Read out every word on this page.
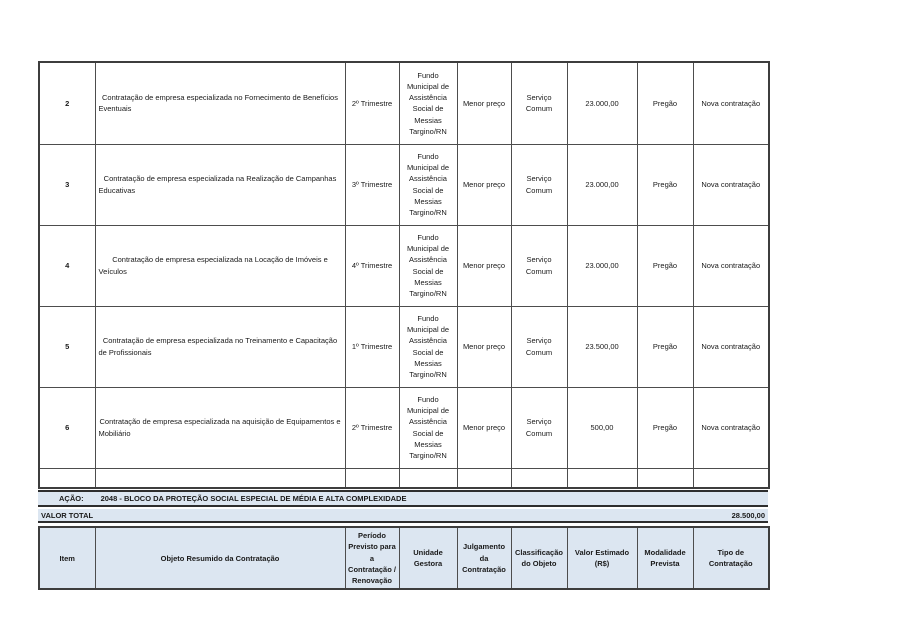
2	Contratação de empresa especializada no Fornecimento de Benefícios Eventuais	2º Trimestre	Fundo Municipal de Assistência Social de Messias Targino/RN	Menor preço	Serviço Comum	23.000,00	Pregão	Nova contratação
3	Contratação de empresa especializada na Realização de Campanhas Educativas	3º Trimestre	Fundo Municipal de Assistência Social de Messias Targino/RN	Menor preço	Serviço Comum	23.000,00	Pregão	Nova contratação
4	Contratação de empresa especializada na Locação de Imóveis e Veículos	4º Trimestre	Fundo Municipal de Assistência Social de Messias Targino/RN	Menor preço	Serviço Comum	23.000,00	Pregão	Nova contratação
5	Contratação de empresa especializada no Treinamento e Capacitação de Profissionais	1º Trimestre	Fundo Municipal de Assistência Social de Messias Targino/RN	Menor preço	Serviço Comum	23.500,00	Pregão	Nova contratação
6	Contratação de empresa especializada na aquisição de Equipamentos e Mobiliário	2º Trimestre	Fundo Municipal de Assistência Social de Messias Targino/RN	Menor preço	Serviço Comum	500,00	Pregão	Nova contratação

AÇÃO: 2048 - BLOCO DA PROTEÇÃO SOCIAL ESPECIAL DE MÉDIA E ALTA COMPLEXIDADE
VALOR TOTAL	28.500,00
Item	Objeto Resumido da Contratação	Período Previsto para a Contratação / Renovação	Unidade Gestora	Julgamento da Contratação	Classificação do Objeto	Valor Estimado (R$)	Modalidade Prevista	Tipo de Contratação
